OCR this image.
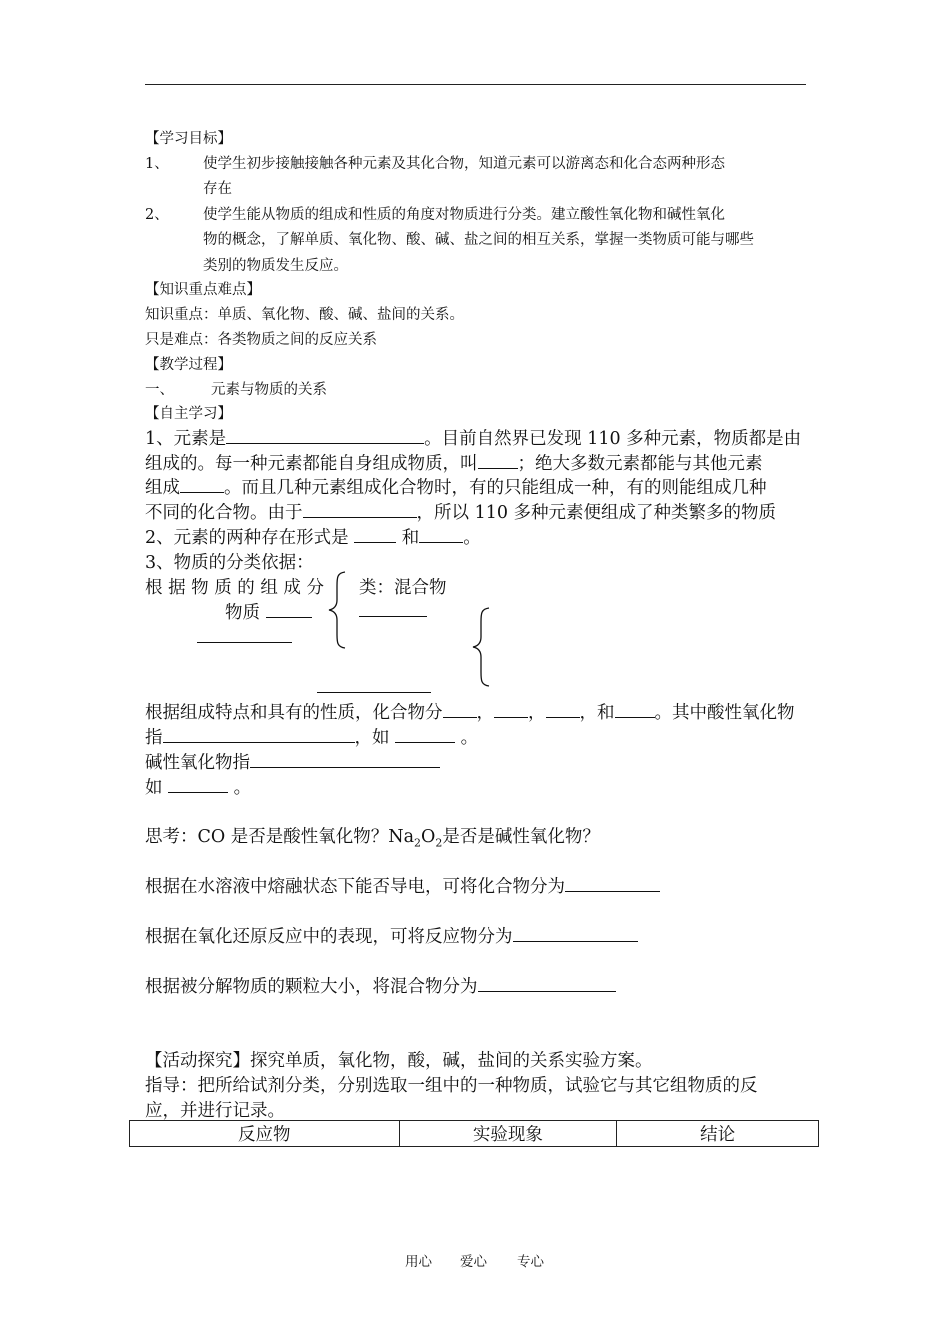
【学习目标】
1、 使学生初步接触接触各种元素及其化合物，知道元素可以游离态和化合态两种形态
存在
2、 使学生能从物质的组成和性质的角度对物质进行分类。建立酸性氧化物和碱性氧化
物的概念，了解单质、氧化物、酸、碱、盐之间的相互关系，掌握一类物质可能与哪些
类别的物质发生反应。
【知识重点难点】
知识重点：单质、氧化物、酸、碱、盐间的关系。
只是难点：各类物质之间的反应关系
【教学过程】
一、	元素与物质的关系
【自主学习】
1、元素是	。目前自然界已发现 110 多种元素，物质都是由
组成的。每一种元素都能自身组成物质，叫 ；绝大多数元素都能与其他元素
组成	。而且几种元素组成化合物时，有的只能组成一种，有的则能组成几种
不同的化合物。由于	，所以 110 多种元素便组成了种类繁多的物质
2、元素的两种存在形式是	和	。
3、物质的分类依据：
根 据 物 质 的 组 成 分
物质
类：混合物
根据组成特点和具有的性质，化合物分 ， ， ，和 。其中酸性氧化物
指	，如	。
碱性氧化物指
如	。
思考：CO 是否是酸性氧化物？$Na_2O_2$是否是碱性氧化物？
根据在水溶液中熔融状态下能否导电，可将化合物分为
根据在氧化还原反应中的表现，可将反应物分为
根据被分解物质的颗粒大小，将混合物分为
【活动探究】探究单质，氧化物，酸，碱，盐间的关系实验方案。
指导：把所给试剂分类，分别选取一组中的一种物质，试验它与其它组物质的反
应，并进行记录。
反应物	实验现象	结论
用心 爱心 专心
